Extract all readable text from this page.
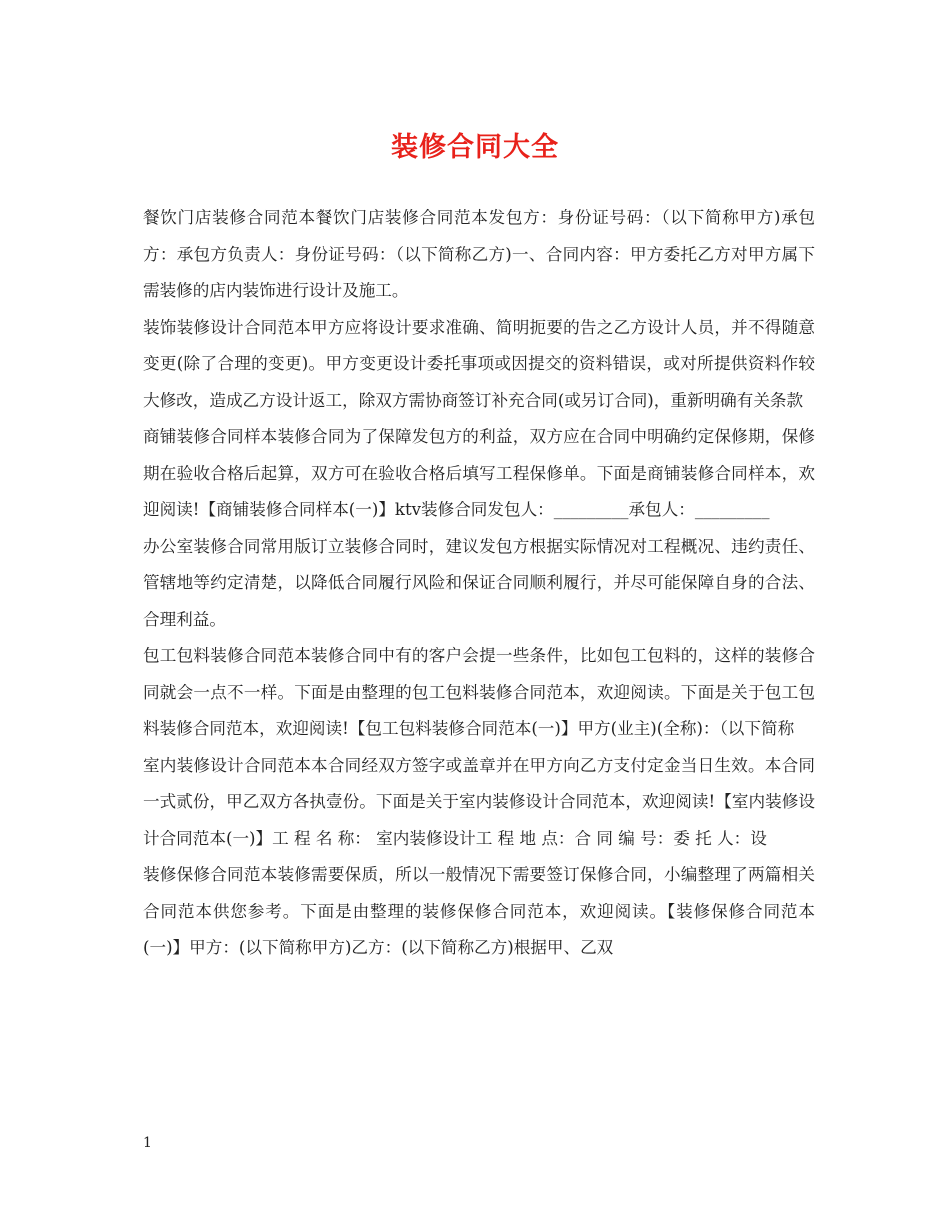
装修合同大全

餐饮门店装修合同范本餐饮门店装修合同范本发包方：身份证号码：（以下简称甲方)承包方：承包方负责人：身份证号码：（以下简称乙方)一、合同内容：甲方委托乙方对甲方属下需装修的店内装饰进行设计及施工。

装饰装修设计合同范本甲方应将设计要求准确、简明扼要的告之乙方设计人员，并不得随意变更(除了合理的变更)。甲方变更设计委托事项或因提交的资料错误，或对所提供资料作较大修改，造成乙方设计返工，除双方需协商签订补充合同(或另订合同)，重新明确有关条款

商铺装修合同样本装修合同为了保障发包方的利益，双方应在合同中明确约定保修期，保修期在验收合格后起算，双方可在验收合格后填写工程保修单。下面是商铺装修合同样本，欢迎阅读!【商铺装修合同样本(一)】ktv装修合同发包人：_________承包人：_________

办公室装修合同常用版订立装修合同时，建议发包方根据实际情况对工程概况、违约责任、管辖地等约定清楚，以降低合同履行风险和保证合同顺利履行，并尽可能保障自身的合法、合理利益。

包工包料装修合同范本装修合同中有的客户会提一些条件，比如包工包料的，这样的装修合同就会一点不一样。下面是由整理的包工包料装修合同范本，欢迎阅读。下面是关于包工包料装修合同范本，欢迎阅读!【包工包料装修合同范本(一)】甲方(业主)(全称)：（以下简称

室内装修设计合同范本本合同经双方签字或盖章并在甲方向乙方支付定金当日生效。本合同一式贰份，甲乙双方各执壹份。下面是关于室内装修设计合同范本，欢迎阅读!【室内装修设计合同范本(一)】工 程 名 称： 室内装修设计工 程 地 点：合 同 编 号：委 托 人：设

装修保修合同范本装修需要保质，所以一般情况下需要签订保修合同，小编整理了两篇相关合同范本供您参考。下面是由整理的装修保修合同范本，欢迎阅读。【装修保修合同范本(一)】甲方：(以下简称甲方)乙方：(以下简称乙方)根据甲、乙双

1
